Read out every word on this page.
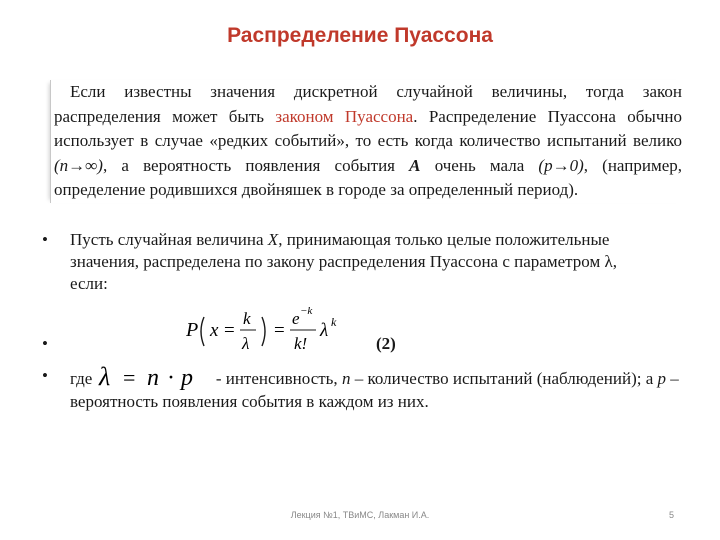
Распределение Пуассона
Если известны значения дискретной случайной величины, тогда закон распределения может быть законом Пуассона. Распределение Пуассона обычно использует в случае «редких событий», то есть когда количество испытаний велико (n→∞), а вероятность появления события А очень мала (p→0), (например, определение родившихся двойняшек в городе за определенный период).
• Пусть случайная величина Х, принимающая только целые положительные значения, распределена по закону распределения Пуассона с параметром λ, если:
P x =
k
λ
=
e −k
k!
λ k
•	(2)
• где λ = n · p - интенсивность, n – количество испытаний (наблюдений); а p – вероятность появления события в каждом из них.
Лекция №1, ТВиМС, Лакман И.А.	5
